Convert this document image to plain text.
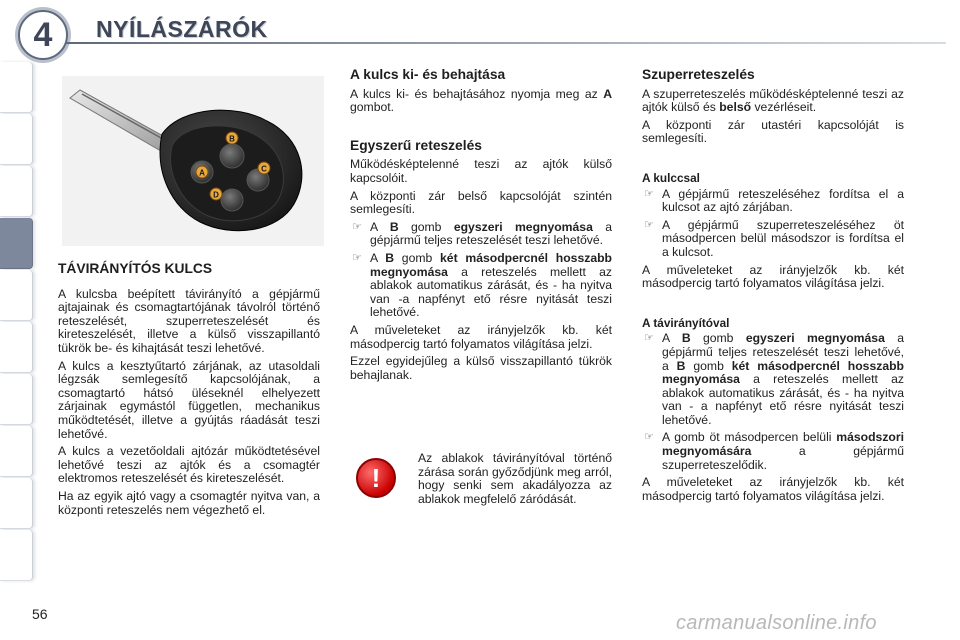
4	NYÍLÁSZÁRÓK
A
B
C
D
TÁVIRÁNYÍTÓS KULCS

A kulcsba beépített távirányító a gépjármű ajtajainak és csomagtartójának távolról történő reteszelését, szuperreteszelését és kireteszelését, illetve a külső visszapillantó tükrök be- és kihajtását teszi lehetővé.

A kulcs a kesztyűtartó zárjának, az utasoldali légzsák semlegesítő kapcsolójának, a csomagtartó hátsó üléseknél elhelyezett zárjainak egymástól független, mechanikus működtetését, illetve a gyújtás ráadását teszi lehetővé.

A kulcs a vezetőoldali ajtózár működtetésével lehetővé teszi az ajtók és a csomagtér elektromos reteszelését és kireteszelését.

Ha az egyik ajtó vagy a csomagtér nyitva van, a központi reteszelés nem végezhető el.

A kulcs ki- és behajtása

A kulcs ki- és behajtásához nyomja meg az A gombot.

Egyszerű reteszelés

Működésképtelenné teszi az ajtók külső kapcsolóit.

A központi zár belső kapcsolóját szintén semlegesíti.

☞ A B gomb egyszeri megnyomása a gépjármű teljes reteszelését teszi lehetővé.
☞ A B gomb két másodpercnél hosszabb megnyomása a reteszelés mellett az ablakok automatikus zárását, és - ha nyitva van -a napfényt ető résre nyitását teszi lehetővé.

A műveleteket az irányjelzők kb. két másodpercig tartó folyamatos világítása jelzi.

Ezzel egyidejűleg a külső visszapillantó tükrök behajlanak.

!
Az ablakok távirányítóval történő zárása során győződjünk meg arról, hogy senki sem akadályozza az ablakok megfelelő záródását.
Szuperreteszelés

A szuperreteszelés működésképtelenné teszi az ajtók külső és belső vezérléseit.

A központi zár utastéri kapcsolóját is semlegesíti.

A kulccsal
☞ A gépjármű reteszeléséhez fordítsa el a kulcsot az ajtó zárjában.
☞ A gépjármű szuperreteszeléséhez öt másodpercen belül másodszor is fordítsa el a kulcsot.

A műveleteket az irányjelzők kb. két másodpercig tartó folyamatos világítása jelzi.

A távirányítóval
☞ A B gomb egyszeri megnyomása a gépjármű teljes reteszelését teszi lehetővé, a B gomb két másodpercnél hosszabb megnyomása a reteszelés mellett az ablakok automatikus zárását, és - ha nyitva van - a napfényt ető résre nyitását teszi lehetővé.
☞ A gomb öt másodpercen belüli másodszori megnyomására a gépjármű szuperreteszelődik.

A műveleteket az irányjelzők kb. két másodpercig tartó folyamatos világítása jelzi.

56	carmanualsonline.info
